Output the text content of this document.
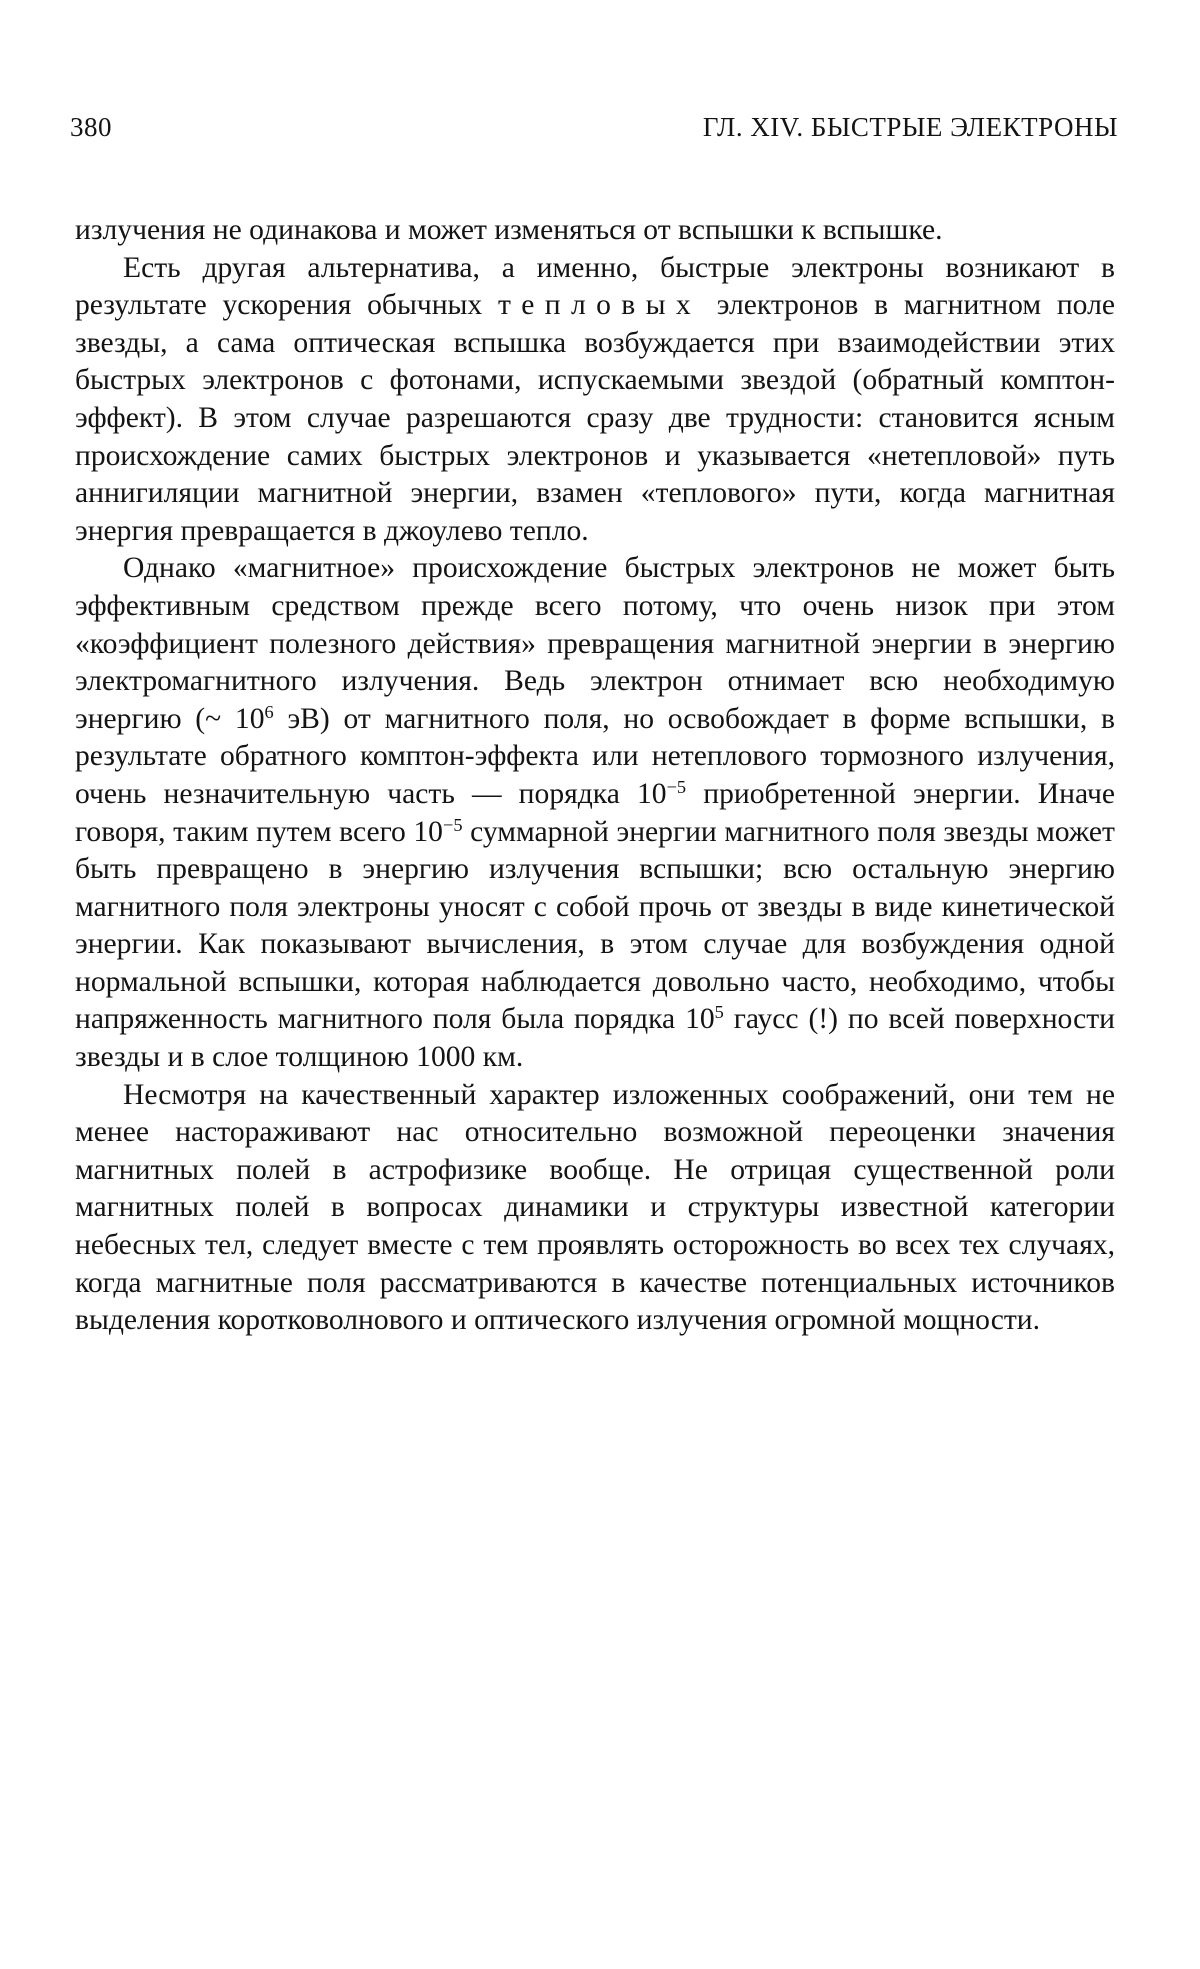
380	ГЛ. XIV. БЫСТРЫЕ ЭЛЕКТРОНЫ

излучения не одинакова и может изменяться от вспышки к вспышке.

Есть другая альтернатива, а именно, быстрые электроны возникают в результате ускорения обычных тепловых электронов в магнитном поле звезды, а сама оптическая вспышка возбуждается при взаимодействии этих быстрых электронов с фотонами, испускаемыми звездой (обратный комптон-эффект). В этом случае разрешаются сразу две трудности: становится ясным происхождение самих быстрых электронов и указывается «нетепловой» путь аннигиляции магнитной энергии, взамен «теплового» пути, когда магнитная энергия превращается в джоулево тепло.

Однако «магнитное» происхождение быстрых электронов не может быть эффективным средством прежде всего потому, что очень низок при этом «коэффициент полезного действия» превращения магнитной энергии в энергию электромагнитного излучения. Ведь электрон отнимает всю необходимую энергию (~ $10^6$ эВ) от магнитного поля, но освобождает в форме вспышки, в результате обратного комптон-эффекта или нетеплового тормозного излучения, очень незначительную часть — порядка $10^{-5}$ приобретенной энергии. Иначе говоря, таким путем всего $10^{-5}$ суммарной энергии магнитного поля звезды может быть превращено в энергию излучения вспышки; всю остальную энергию магнитного поля электроны уносят с собой прочь от звезды в виде кинетической энергии. Как показывают вычисления, в этом случае для возбуждения одной нормальной вспышки, которая наблюдается довольно часто, необходимо, чтобы напряженность магнитного поля была порядка $10^5$ гаусс (!) по всей поверхности звезды и в слое толщиною 1000 км.

Несмотря на качественный характер изложенных соображений, они тем не менее настораживают нас относительно возможной переоценки значения магнитных полей в астрофизике вообще. Не отрицая существенной роли магнитных полей в вопросах динамики и структуры известной категории небесных тел, следует вместе с тем проявлять осторожность во всех тех случаях, когда магнитные поля рассматриваются в качестве потенциальных источников выделения коротковолнового и оптического излучения огромной мощности.
